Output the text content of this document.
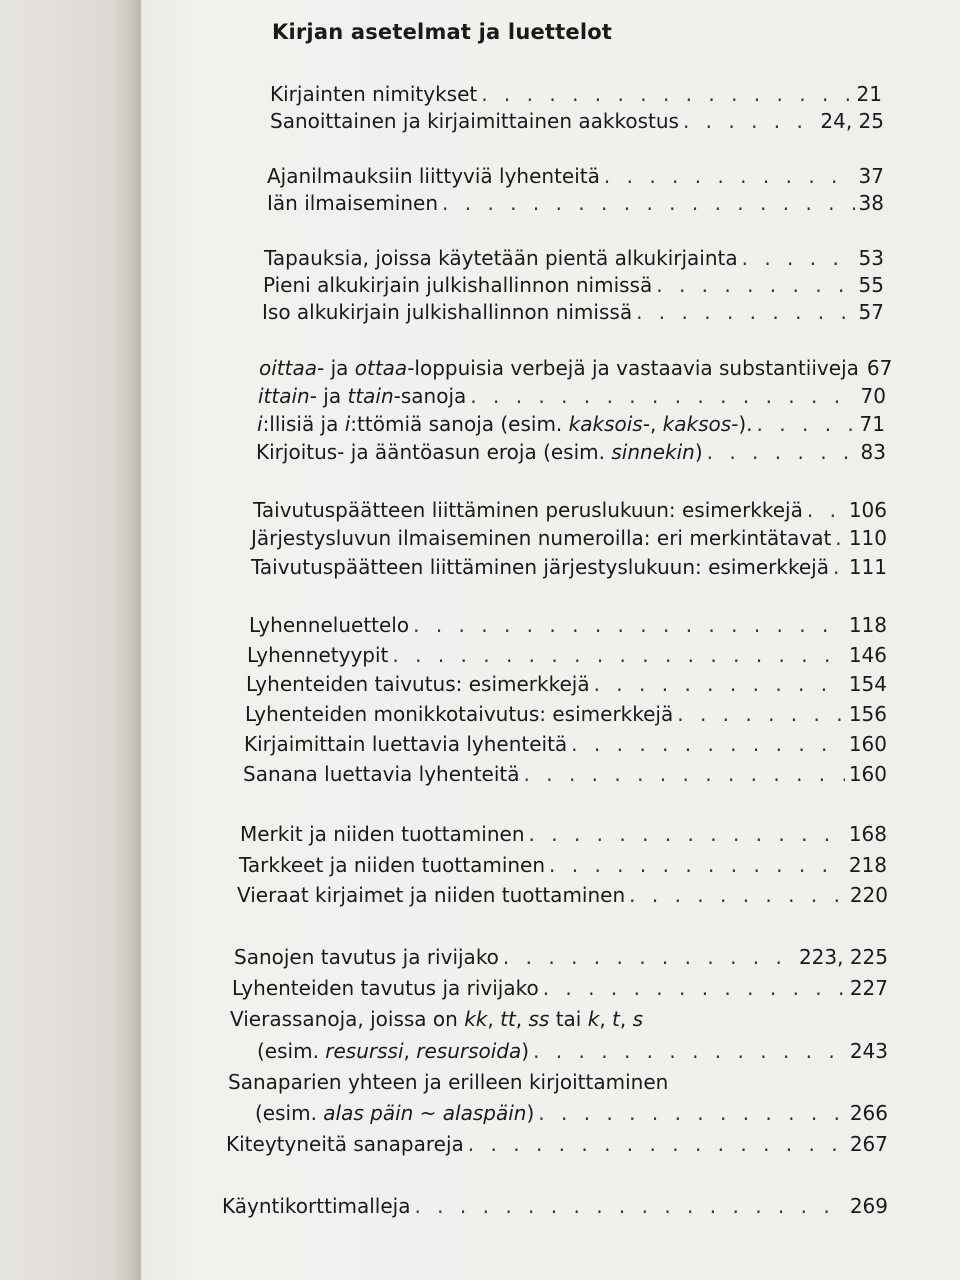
Kirjan asetelmat ja luettelot
Kirjainten nimitykset . . .	21
Sanoittainen ja kirjaimittainen aakkostus . . .	24, 25
Ajanilmauksiin liittyviä lyhenteitä . . .	37
Iän ilmaiseminen . . .	38
Tapauksia, joissa käytetään pientä alkukirjainta . . .	53
Pieni alkukirjain julkishallinnon nimissä . . .	55
Iso alkukirjain julkishallinnon nimissä . . .	57
oittaa- ja ottaa-loppuisia verbejä ja vastaavia substantiiveja 67
ittain- ja ttain-sanoja . . .	70
i:llisiä ja i:ttömiä sanoja (esim. kaksois-, kaksos-). . . .	71
Kirjoitus- ja ääntöasun eroja (esim. sinnekin) . . .	83
Taivutuspäätteen liittäminen peruslukuun: esimerkkejä . . . 106
Järjestysluvun ilmaiseminen numeroilla: eri merkintätavat . . . 110
Taivutuspäätteen liittäminen järjestyslukuun: esimerkkejä . . . 111
Lyhenneluettelo . . .	118
Lyhennetyypit . . .	146
Lyhenteiden taivutus: esimerkkejä . . .	154
Lyhenteiden monikkotaivutus: esimerkkejä . . .	156
Kirjaimittain luettavia lyhenteitä . . .	160
Sanana luettavia lyhenteitä . . .	160
Merkit ja niiden tuottaminen . . .	168
Tarkkeet ja niiden tuottaminen . . .	218
Vieraat kirjaimet ja niiden tuottaminen . . .	220
Sanojen tavutus ja rivijako . . .	223, 225
Lyhenteiden tavutus ja rivijako . . .	227
Vierassanoja, joissa on kk, tt, ss tai k, t, s
(esim. resurssi, resursoida) . . .	243
Sanaparien yhteen ja erilleen kirjoittaminen
(esim. alas päin ~ alaspäin) . . .	266
Kiteytyneitä sanapareja . . .	267
Käyntikorttimalleja . . .	269
